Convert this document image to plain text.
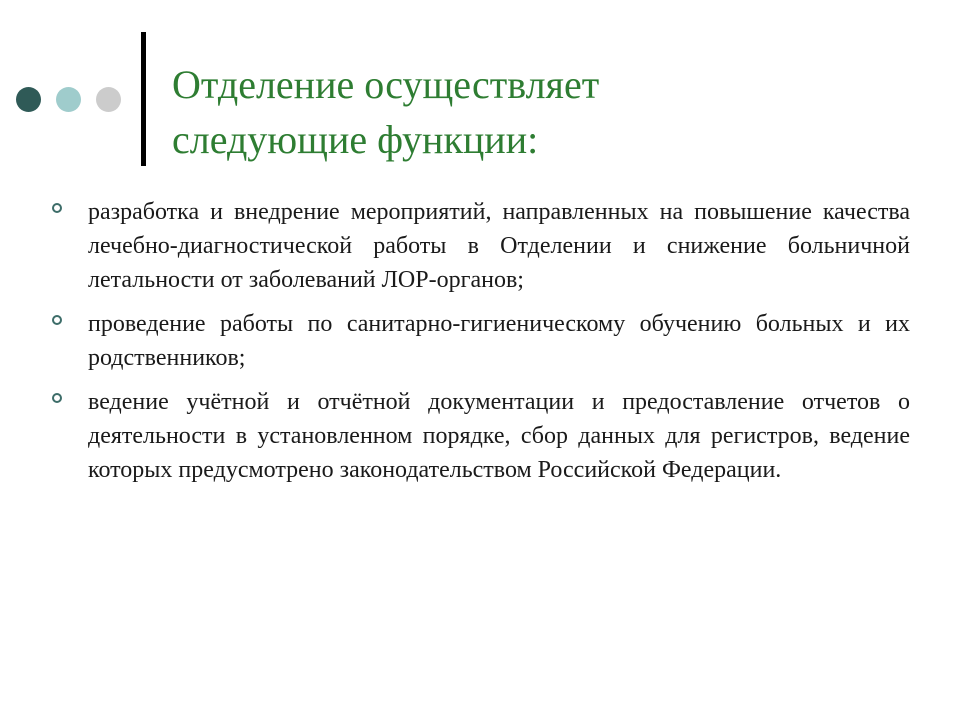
Отделение осуществляет
следующие функции:
разработка и внедрение мероприятий, направленных на повышение качества лечебно-диагностической работы в Отделении и снижение больничной летальности от заболеваний ЛОР-органов;
проведение работы по санитарно-гигиеническому обучению больных и их родственников;
ведение учётной и отчётной документации и предоставление отчетов о деятельности в установленном порядке, сбор данных для регистров, ведение которых предусмотрено законодательством Российской Федерации.
